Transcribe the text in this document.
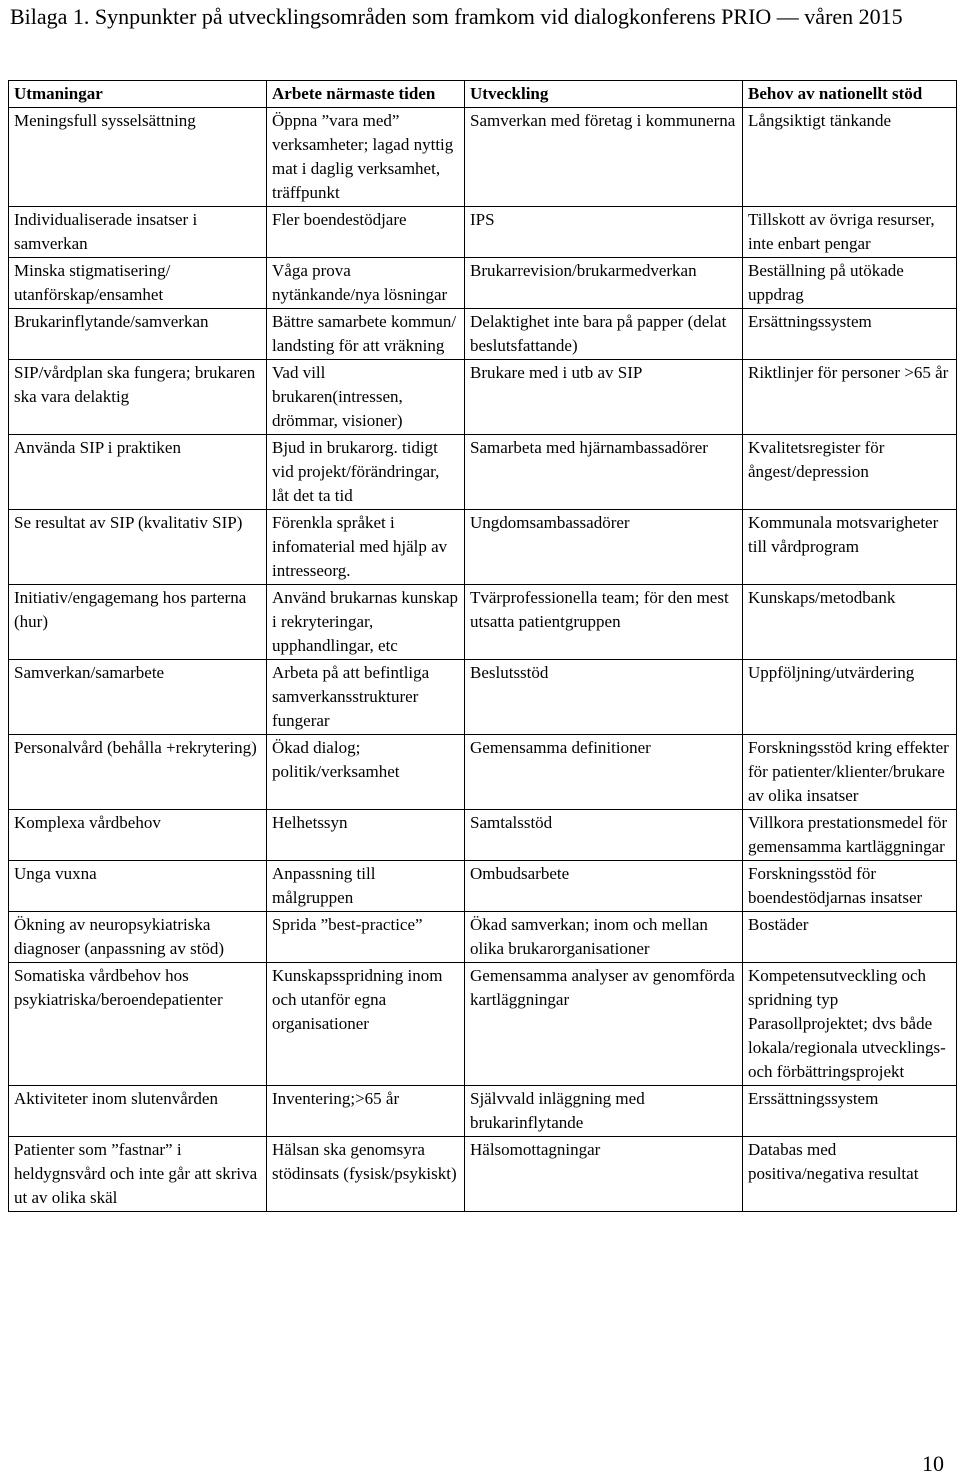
Bilaga 1. Synpunkter på utvecklingsområden som framkom vid dialogkonferens PRIO — våren 2015
Utmaningar	Arbete närmaste tiden	Utveckling	Behov av nationellt stöd
Meningsfull sysselsättning	Öppna ”vara med” verksamheter; lagad nyttig mat i daglig verksamhet, träffpunkt	Samverkan med företag i kommunerna	Långsiktigt tänkande
Individualiserade insatser i samverkan	Fler boendestödjare	IPS	Tillskott av övriga resurser, inte enbart pengar
Minska stigmatisering/ utanförskap/ensamhet	Våga prova nytänkande/nya lösningar	Brukarrevision/brukarmedverkan	Beställning på utökade uppdrag
Brukarinflytande/samverkan	Bättre samarbete kommun/ landsting för att vräkning	Delaktighet inte bara på papper (delat beslutsfattande)	Ersättningssystem
SIP/vårdplan ska fungera; brukaren ska vara delaktig	Vad vill brukaren(intressen, drömmar, visioner)	Brukare med i utb av SIP	Riktlinjer för personer >65 år
Använda SIP i praktiken	Bjud in brukarorg. tidigt vid projekt/förändringar, låt det ta tid	Samarbeta med hjärnambassadörer	Kvalitetsregister för ångest/depression
Se resultat av SIP (kvalitativ SIP)	Förenkla språket i infomaterial med hjälp av intresseorg.	Ungdomsambassadörer	Kommunala motsvarigheter till vårdprogram
Initiativ/engagemang hos parterna (hur)	Använd brukarnas kunskap i rekryteringar, upphandlingar, etc	Tvärprofessionella team; för den mest utsatta patientgruppen	Kunskaps/metodbank
Samverkan/samarbete	Arbeta på att befintliga samverkansstrukturer fungerar	Beslutsstöd	Uppföljning/utvärdering
Personalvård (behålla +rekrytering)	Ökad dialog; politik/verksamhet	Gemensamma definitioner	Forskningsstöd kring effekter för patienter/klienter/brukare av olika insatser
Komplexa vårdbehov	Helhetssyn	Samtalsstöd	Villkora prestationsmedel för gemensamma kartläggningar
Unga vuxna	Anpassning till målgruppen	Ombudsarbete	Forskningsstöd för boendestödjarnas insatser
Ökning av neuropsykiatriska diagnoser (anpassning av stöd)	Sprida ”best-practice”	Ökad samverkan; inom och mellan olika brukarorganisationer	Bostäder
Somatiska vårdbehov hos psykiatriska/beroendepatienter	Kunskapsspridning inom och utanför egna organisationer	Gemensamma analyser av genomförda kartläggningar	Kompetensutveckling och spridning typ Parasollprojektet; dvs både lokala/regionala utvecklings-och förbättringsprojekt
Aktiviteter inom slutenvården	Inventering;>65 år	Självvald inläggning med brukarinflytande	Erssättningssystem
Patienter som ”fastnar” i heldygnsvård och inte går att skriva ut av olika skäl	Hälsan ska genomsyra stödinsats (fysisk/psykiskt)	Hälsomottagningar	Databas med positiva/negativa resultat
10
